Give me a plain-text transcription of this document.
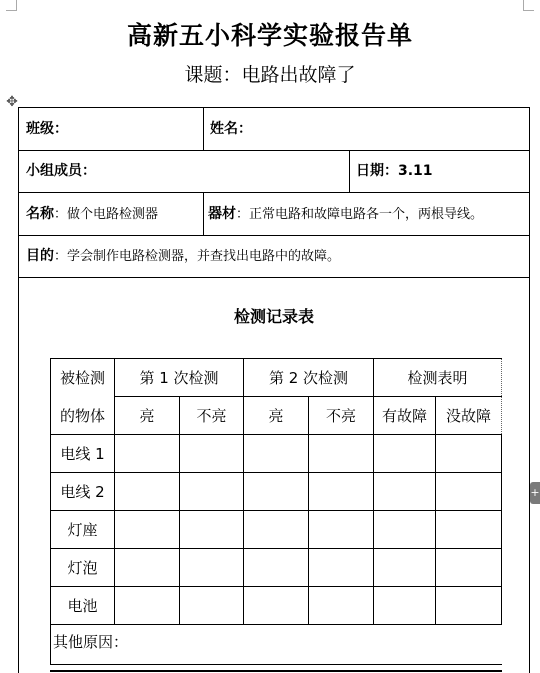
高新五小科学实验报告单
课题：电路出故障了
✥
+
班级：	姓名：
小组成员：	日期：3.11
名称：做个电路检测器	器材：正常电路和故障电路各一个，两根导线。
目的：学会制作电路检测器，并查找出电路中的故障。
检测记录表
被检测	第 1 次检测		第 2 次检测		检测表明	
的物体	亮	不亮	亮	不亮	有故障	没故障
电线 1						
电线 2						
灯座						
灯泡						
电池						
其他原因：						
